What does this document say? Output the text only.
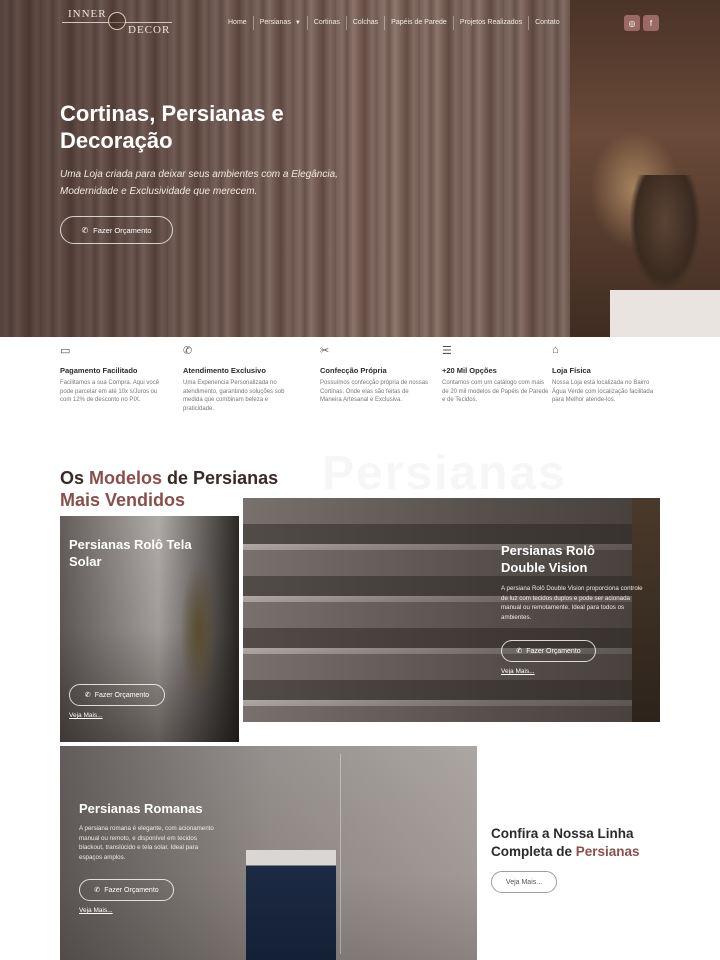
INNER
DECOR
Home	Persianas ▼	Cortinas	Colchas	Papéis de Parede	Projetos Realizados	Contato	◎	f
Cortinas, Persianas e Decoração

Uma Loja criada para deixar seus ambientes com a Elegância, Modernidade e Exclusividade que merecem.

✆ Fazer Orçamento
▭
Pagamento Facilitado
Facilitamos a sua Compra. Aqui você pode parcelar em até 10x s/Juros ou com 12% de desconto no PIX.
✆
Atendimento Exclusivo
Uma Experiencia Personalizada no atendimento, garantindo soluções sob medida que combinam beleza e praticidade.
✂
Confecção Própria
Possuímos confecção própria de nossas Cortinas. Onde elas são feitas de Maneira Artesanal e Exclusiva.
☰
+20 Mil Opções
Contamos com um catálogo com mais de 20 mil modelos de Papéis de Parede e de Tecidos.
⌂
Loja Física
Nossa Loja está localizada no Bairro Água Verde com localização facilitada para Melhor atende-los.
Os Modelos de Persianas Mais Vendidos
Persianas Rolô Tela Solar
✆ Fazer Orçamento
Veja Mais...
Persianas Rolô Double Vision
A persiana Rolô Double Vision proporciona controle de luz com tecidos duplos e pode ser acionada manual ou remotamente. Ideal para todos os ambientes.
✆ Fazer Orçamento
Veja Mais...
Persianas Romanas
A persiana romana é elegante, com acionamento manual ou remoto, e disponível em tecidos blackout, translúcido e tela solar. Ideal para espaços amplos.
✆ Fazer Orçamento
Veja Mais...
Confira a Nossa Linha Completa de Persianas
Veja Mais...
